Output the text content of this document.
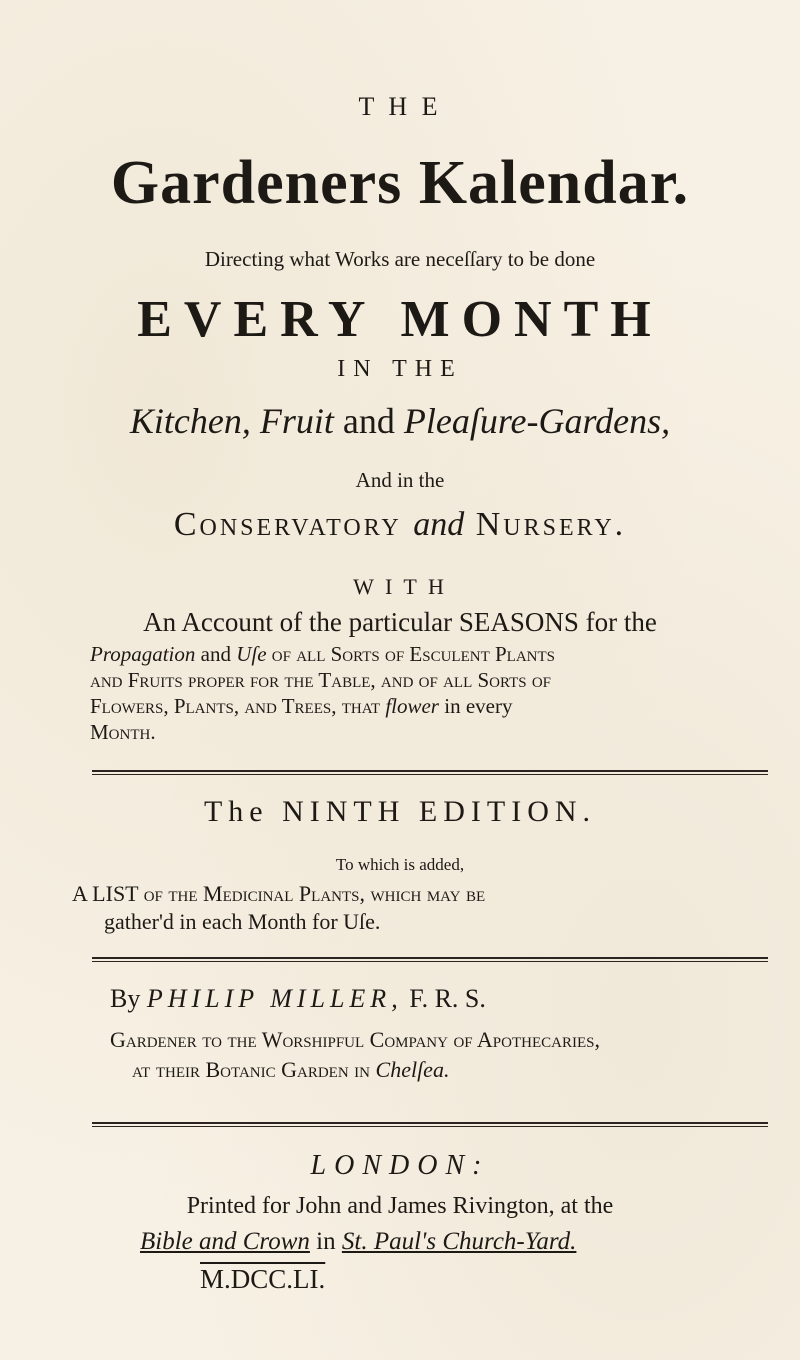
T H E
Gardeners Kalendar.
Directing what Works are neceſſary to be done
EVERY MONTH
IN THE
Kitchen, Fruit and Pleaſure-Gardens,
And in the
Conservatory and Nursery.
W I T H
An Account of the particular SEASONS for the
Propagation and Uſe of all Sorts of Esculent Plants
and Fruits proper for the Table, and of all Sorts of
Flowers, Plants, and Trees, that flower in every
Month.
The NINTH EDITION.
To which is added,
A LIST of the Medicinal Plants, which may be
gather'd in each Month for Uſe.
By PHILIP MILLER, F. R. S.
Gardener to the Worſhipful Company of Apothecaries,
at their Botanic Garden in Chelſea.
LONDON:
Printed for John and James Rivington, at the
Bible and Crown in St. Paul's Church-Yard.
M.DCC.LI.
